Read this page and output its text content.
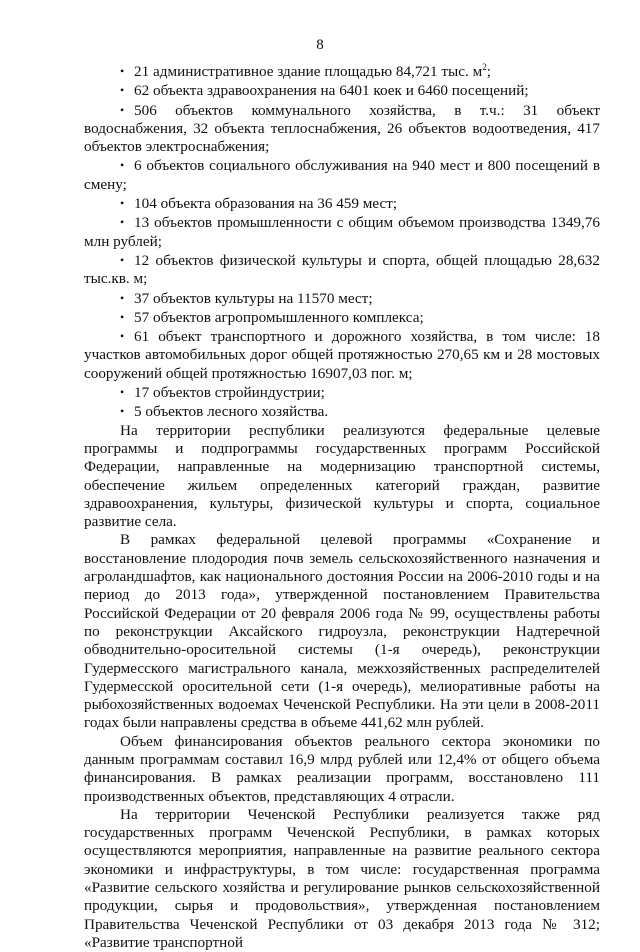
8
• 21 административное здание площадью 84,721 тыс. $м^2$;
• 62 объекта здравоохранения на 6401 коек и 6460 посещений;
• 506 объектов коммунального хозяйства, в т.ч.: 31 объект водоснабжения, 32 объекта теплоснабжения, 26 объектов водоотведения, 417 объектов электроснабжения;
• 6 объектов социального обслуживания на 940 мест и 800 посещений в смену;
• 104 объекта образования на 36 459 мест;
• 13 объектов промышленности с общим объемом производства 1349,76 млн рублей;
• 12 объектов физической культуры и спорта, общей площадью 28,632 тыс.кв. м;
• 37 объектов культуры на 11570 мест;
• 57 объектов агропромышленного комплекса;
• 61 объект транспортного и дорожного хозяйства, в том числе: 18 участков автомобильных дорог общей протяжностью 270,65 км и 28 мостовых сооружений общей протяжностью 16907,03 пог. м;
• 17 объектов стройиндустрии;
• 5 объектов лесного хозяйства.

На территории республики реализуются федеральные целевые программы и подпрограммы государственных программ Российской Федерации, направленные на модернизацию транспортной системы, обеспечение жильем определенных категорий граждан, развитие здравоохранения, культуры, физической культуры и спорта, социальное развитие села.

В рамках федеральной целевой программы «Сохранение и восстановление плодородия почв земель сельскохозяйственного назначения и агроландшафтов, как национального достояния России на 2006-2010 годы и на период до 2013 года», утвержденной постановлением Правительства Российской Федерации от 20 февраля 2006 года № 99, осуществлены работы по реконструкции Аксайского гидроузла, реконструкции Надтеречной обводнительно-оросительной системы (1-я очередь), реконструкции Гудермесского магистрального канала, межхозяйственных распределителей Гудермесской оросительной сети (1-я очередь), мелиоративные работы на рыбохозяйственных водоемах Чеченской Республики. На эти цели в 2008-2011 годах были направлены средства в объеме 441,62 млн рублей.

Объем финансирования объектов реального сектора экономики по данным программам составил 16,9 млрд рублей или 12,4% от общего объема финансирования. В рамках реализации программ, восстановлено 111 производственных объектов, представляющих 4 отрасли.

На территории Чеченской Республики реализуется также ряд государственных программ Чеченской Республики, в рамках которых осуществляются мероприятия, направленные на развитие реального сектора экономики и инфраструктуры, в том числе: государственная программа «Развитие сельского хозяйства и регулирование рынков сельскохозяйственной продукции, сырья и продовольствия», утвержденная постановлением Правительства Чеченской Республики от 03 декабря 2013 года № 312; «Развитие транспортной
